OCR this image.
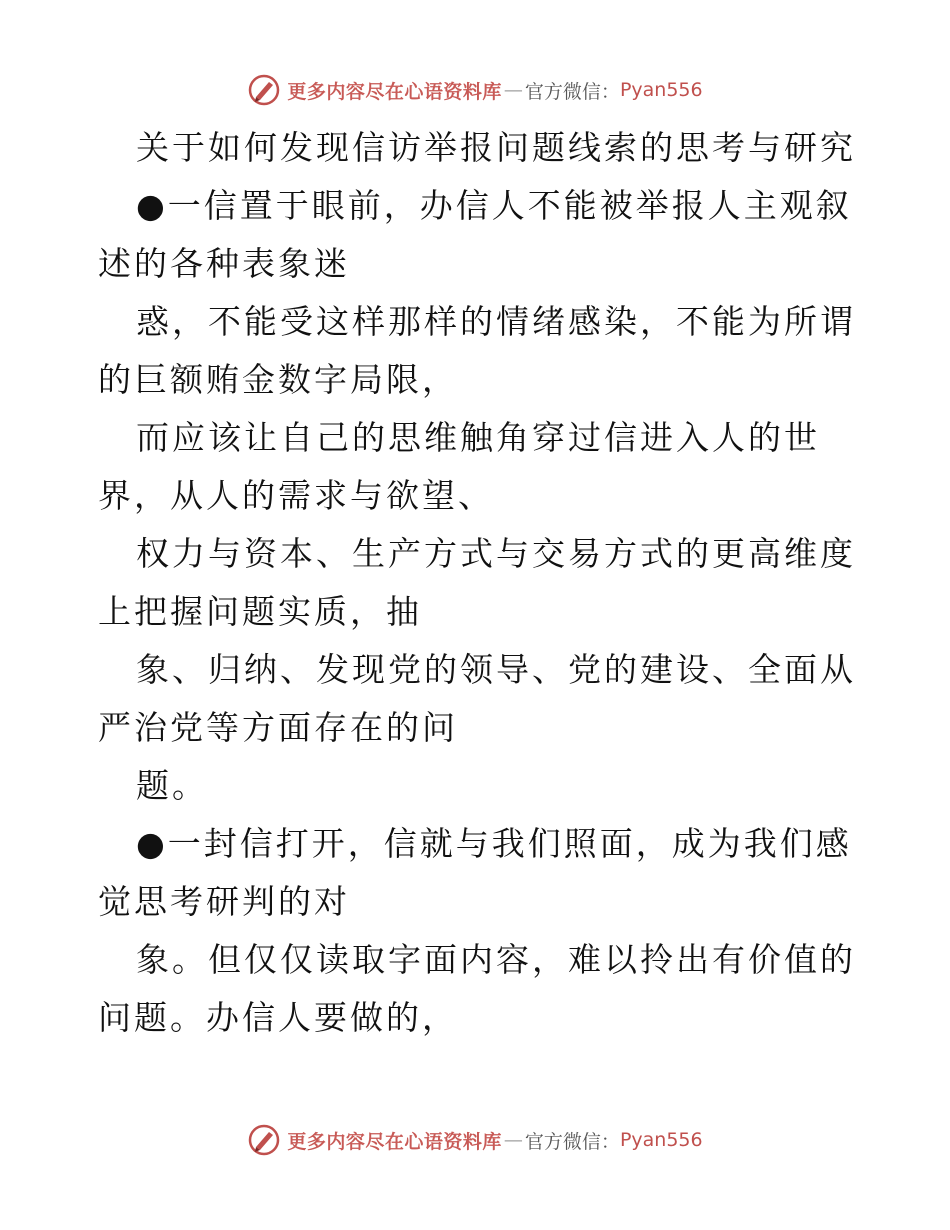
更多内容尽在心语资料库 — 官方微信： Pyan556

关于如何发现信访举报问题线索的思考与研究

●一信置于眼前，办信人不能被举报人主观叙述的各种表象迷

惑，不能受这样那样的情绪感染，不能为所谓的巨额贿金数字局限，

而应该让自己的思维触角穿过信进入人的世界，从人的需求与欲望、

权力与资本、生产方式与交易方式的更高维度上把握问题实质，抽

象、归纳、发现党的领导、党的建设、全面从严治党等方面存在的问

题。

●一封信打开，信就与我们照面，成为我们感觉思考研判的对

象。但仅仅读取字面内容，难以拎出有价值的问题。办信人要做的，

更多内容尽在心语资料库 — 官方微信： Pyan556
